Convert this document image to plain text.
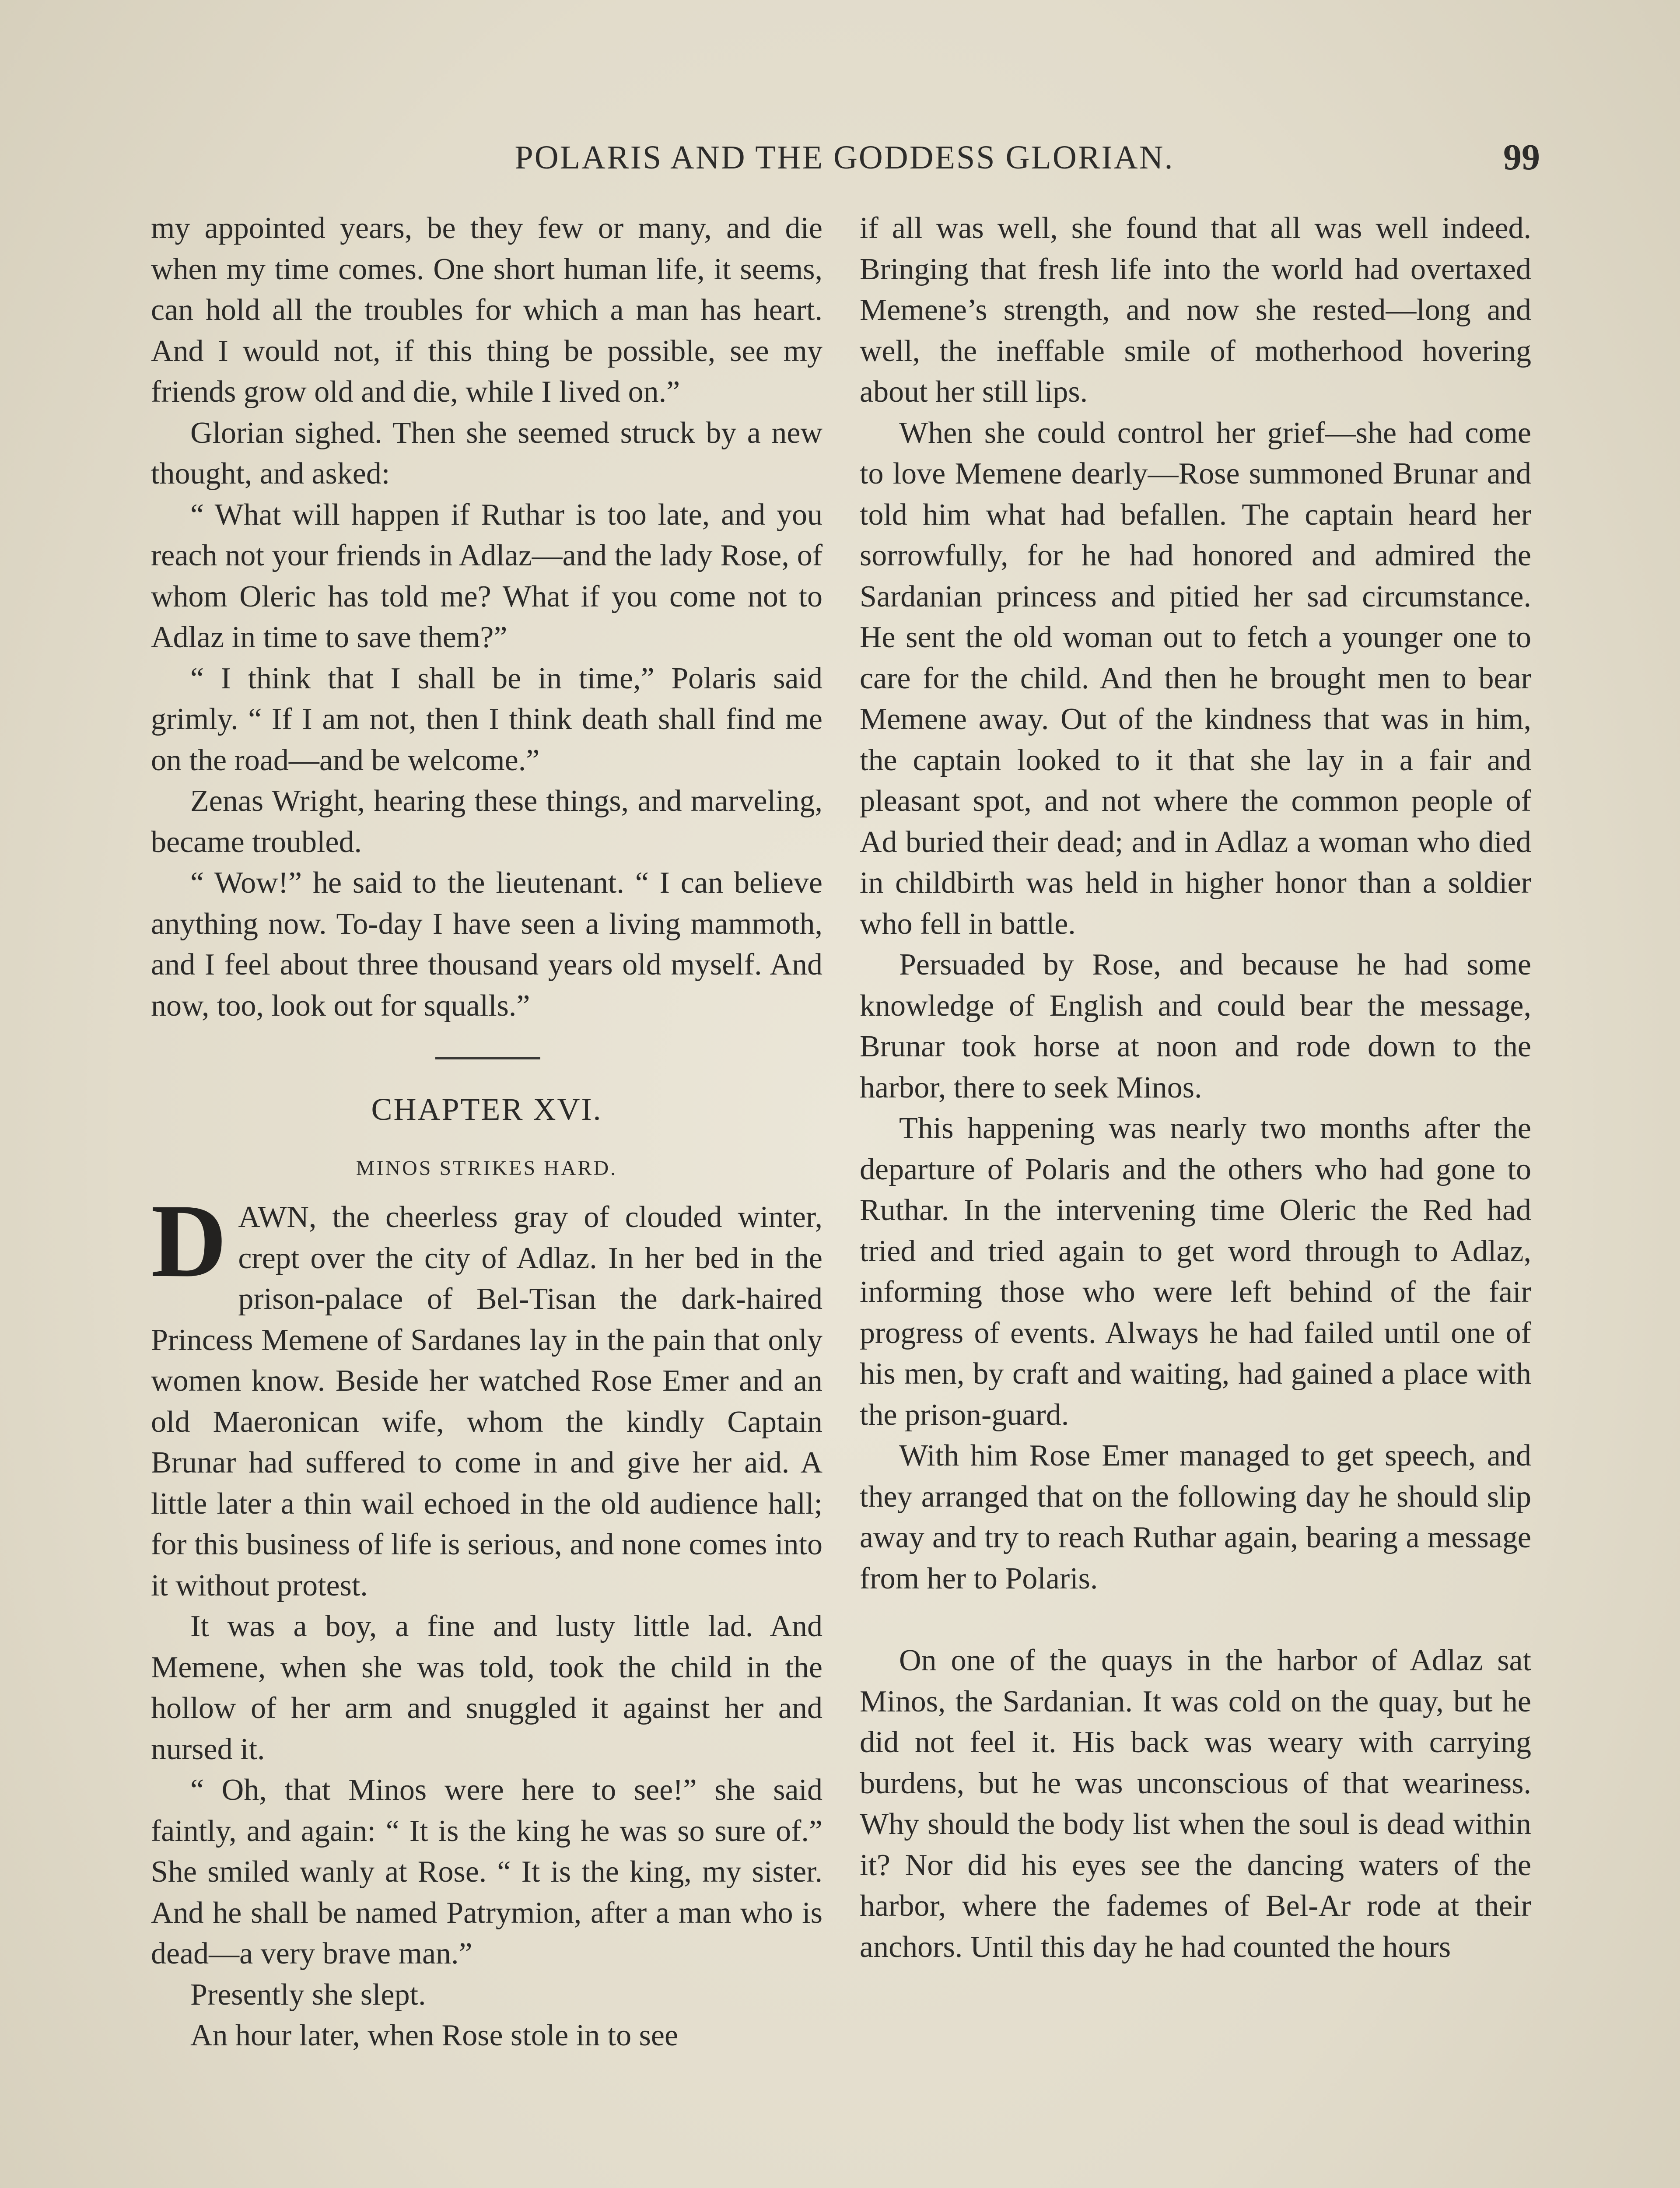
POLARIS AND THE GODDESS GLORIAN.	99

my appointed years, be they few or many, and die when my time comes. One short human life, it seems, can hold all the troubles for which a man has heart. And I would not, if this thing be possible, see my friends grow old and die, while I lived on.”

Glorian sighed. Then she seemed struck by a new thought, and asked:

“ What will happen if Ruthar is too late, and you reach not your friends in Adlaz—and the lady Rose, of whom Oleric has told me? What if you come not to Adlaz in time to save them?”

“ I think that I shall be in time,” Polaris said grimly. “ If I am not, then I think death shall find me on the road—and be welcome.”

Zenas Wright, hearing these things, and marveling, became troubled.

“ Wow!” he said to the lieutenant. “ I can believe anything now. To-day I have seen a living mammoth, and I feel about three thousand years old myself. And now, too, look out for squalls.”

CHAPTER XVI.
MINOS STRIKES HARD.

DAWN, the cheerless gray of clouded winter, crept over the city of Adlaz. In her bed in the prison-palace of Bel-Tisan the dark-haired Princess Memene of Sardanes lay in the pain that only women know. Beside her watched Rose Emer and an old Maeronican wife, whom the kindly Captain Brunar had suffered to come in and give her aid. A little later a thin wail echoed in the old audience hall; for this business of life is serious, and none comes into it without protest.

It was a boy, a fine and lusty little lad. And Memene, when she was told, took the child in the hollow of her arm and snuggled it against her and nursed it.

“ Oh, that Minos were here to see!” she said faintly, and again: “ It is the king he was so sure of.” She smiled wanly at Rose. “ It is the king, my sister. And he shall be named Patrymion, after a man who is dead—a very brave man.”

Presently she slept.

An hour later, when Rose stole in to see

if all was well, she found that all was well indeed. Bringing that fresh life into the world had overtaxed Memene’s strength, and now she rested—long and well, the ineffable smile of motherhood hovering about her still lips.

When she could control her grief—she had come to love Memene dearly—Rose summoned Brunar and told him what had befallen. The captain heard her sorrowfully, for he had honored and admired the Sardanian princess and pitied her sad circumstance. He sent the old woman out to fetch a younger one to care for the child. And then he brought men to bear Memene away. Out of the kindness that was in him, the captain looked to it that she lay in a fair and pleasant spot, and not where the common people of Ad buried their dead; and in Adlaz a woman who died in childbirth was held in higher honor than a soldier who fell in battle.

Persuaded by Rose, and because he had some knowledge of English and could bear the message, Brunar took horse at noon and rode down to the harbor, there to seek Minos.

This happening was nearly two months after the departure of Polaris and the others who had gone to Ruthar. In the intervening time Oleric the Red had tried and tried again to get word through to Adlaz, informing those who were left behind of the fair progress of events. Always he had failed until one of his men, by craft and waiting, had gained a place with the prison-guard.

With him Rose Emer managed to get speech, and they arranged that on the following day he should slip away and try to reach Ruthar again, bearing a message from her to Polaris.

On one of the quays in the harbor of Adlaz sat Minos, the Sardanian. It was cold on the quay, but he did not feel it. His back was weary with carrying burdens, but he was unconscious of that weariness. Why should the body list when the soul is dead within it? Nor did his eyes see the dancing waters of the harbor, where the fademes of Bel-Ar rode at their anchors. Until this day he had counted the hours
